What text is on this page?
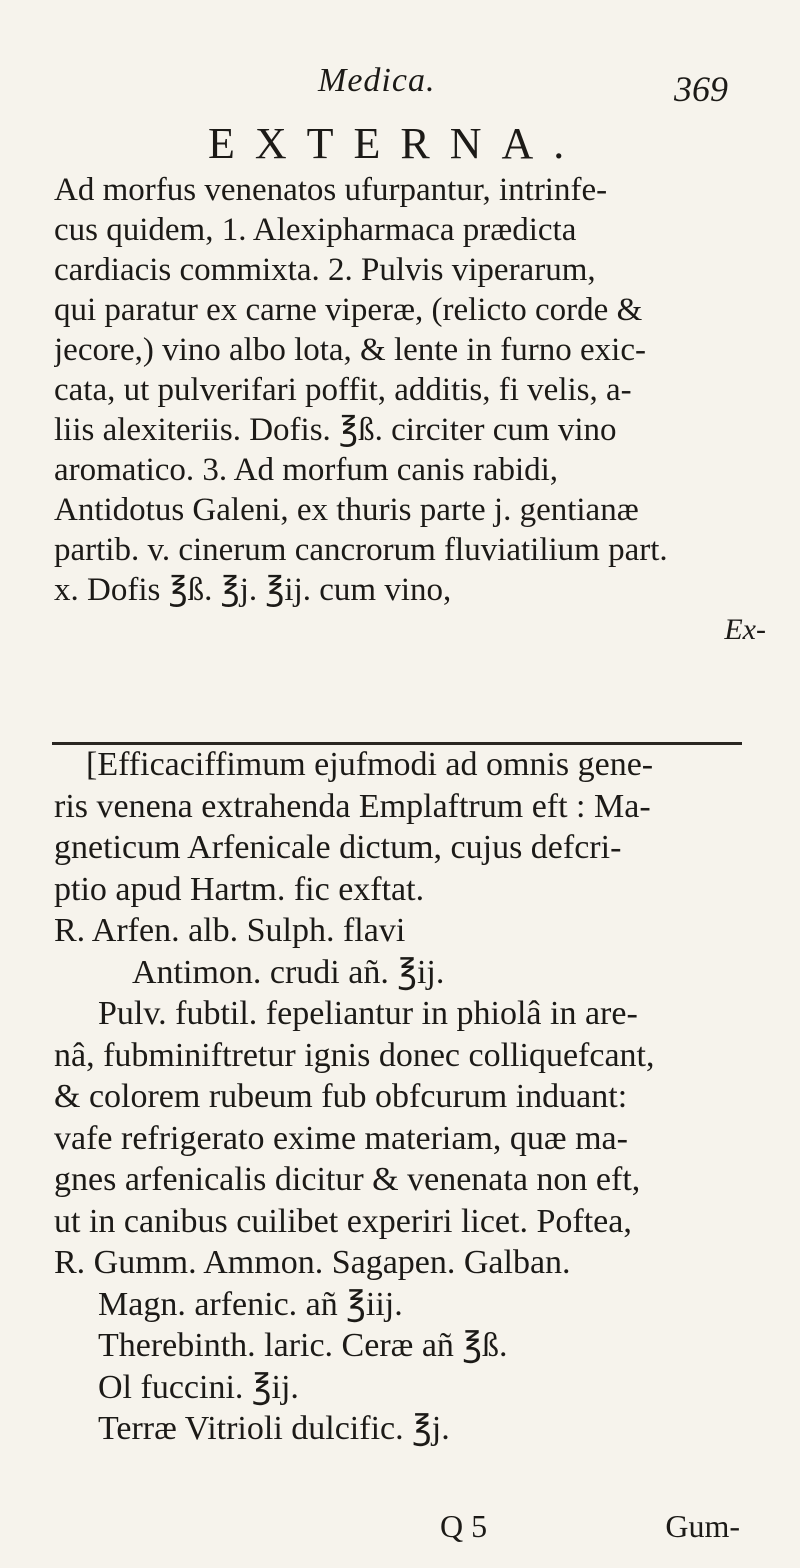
Medica.	369
EXTERNA.
Ad morfus venenatos ufurpantur, intrinfe-
cus quidem, 1. Alexipharmaca prædicta
cardiacis commixta. 2. Pulvis viperarum,
qui paratur ex carne viperæ, (relicto corde &
jecore,) vino albo lota, & lente in furno exic-
cata, ut pulverifari poffit, additis, fi velis, a-
liis alexiteriis. Dofis. ℥ß. circiter cum vino
aromatico. 3. Ad morfum canis rabidi,
Antidotus Galeni, ex thuris parte j. gentianæ
partib. v. cinerum cancrorum fluviatilium part.
x. Dofis ℥ß. ℥j. ℥ij. cum vino,
Ex-
[Efficaciffimum ejufmodi ad omnis gene-
ris venena extrahenda Emplaftrum eft : Ma-
gneticum Arfenicale dictum, cujus defcri-
ptio apud Hartm. fic exftat.
R. Arfen. alb. Sulph. flavi
Antimon. crudi añ. ℥ij.
Pulv. fubtil. fepeliantur in phiolâ in are-
nâ, fubminiftretur ignis donec colliquefcant,
& colorem rubeum fub obfcurum induant:
vafe refrigerato exime materiam, quæ ma-
gnes arfenicalis dicitur & venenata non eft,
ut in canibus cuilibet experiri licet. Poftea,
R. Gumm. Ammon. Sagapen. Galban.
Magn. arfenic. añ ℥iij.
Therebinth. laric. Ceræ añ ℥ß.
Ol fuccini. ℥ij.
Terræ Vitrioli dulcific. ℥j.
Q 5	Gum-
